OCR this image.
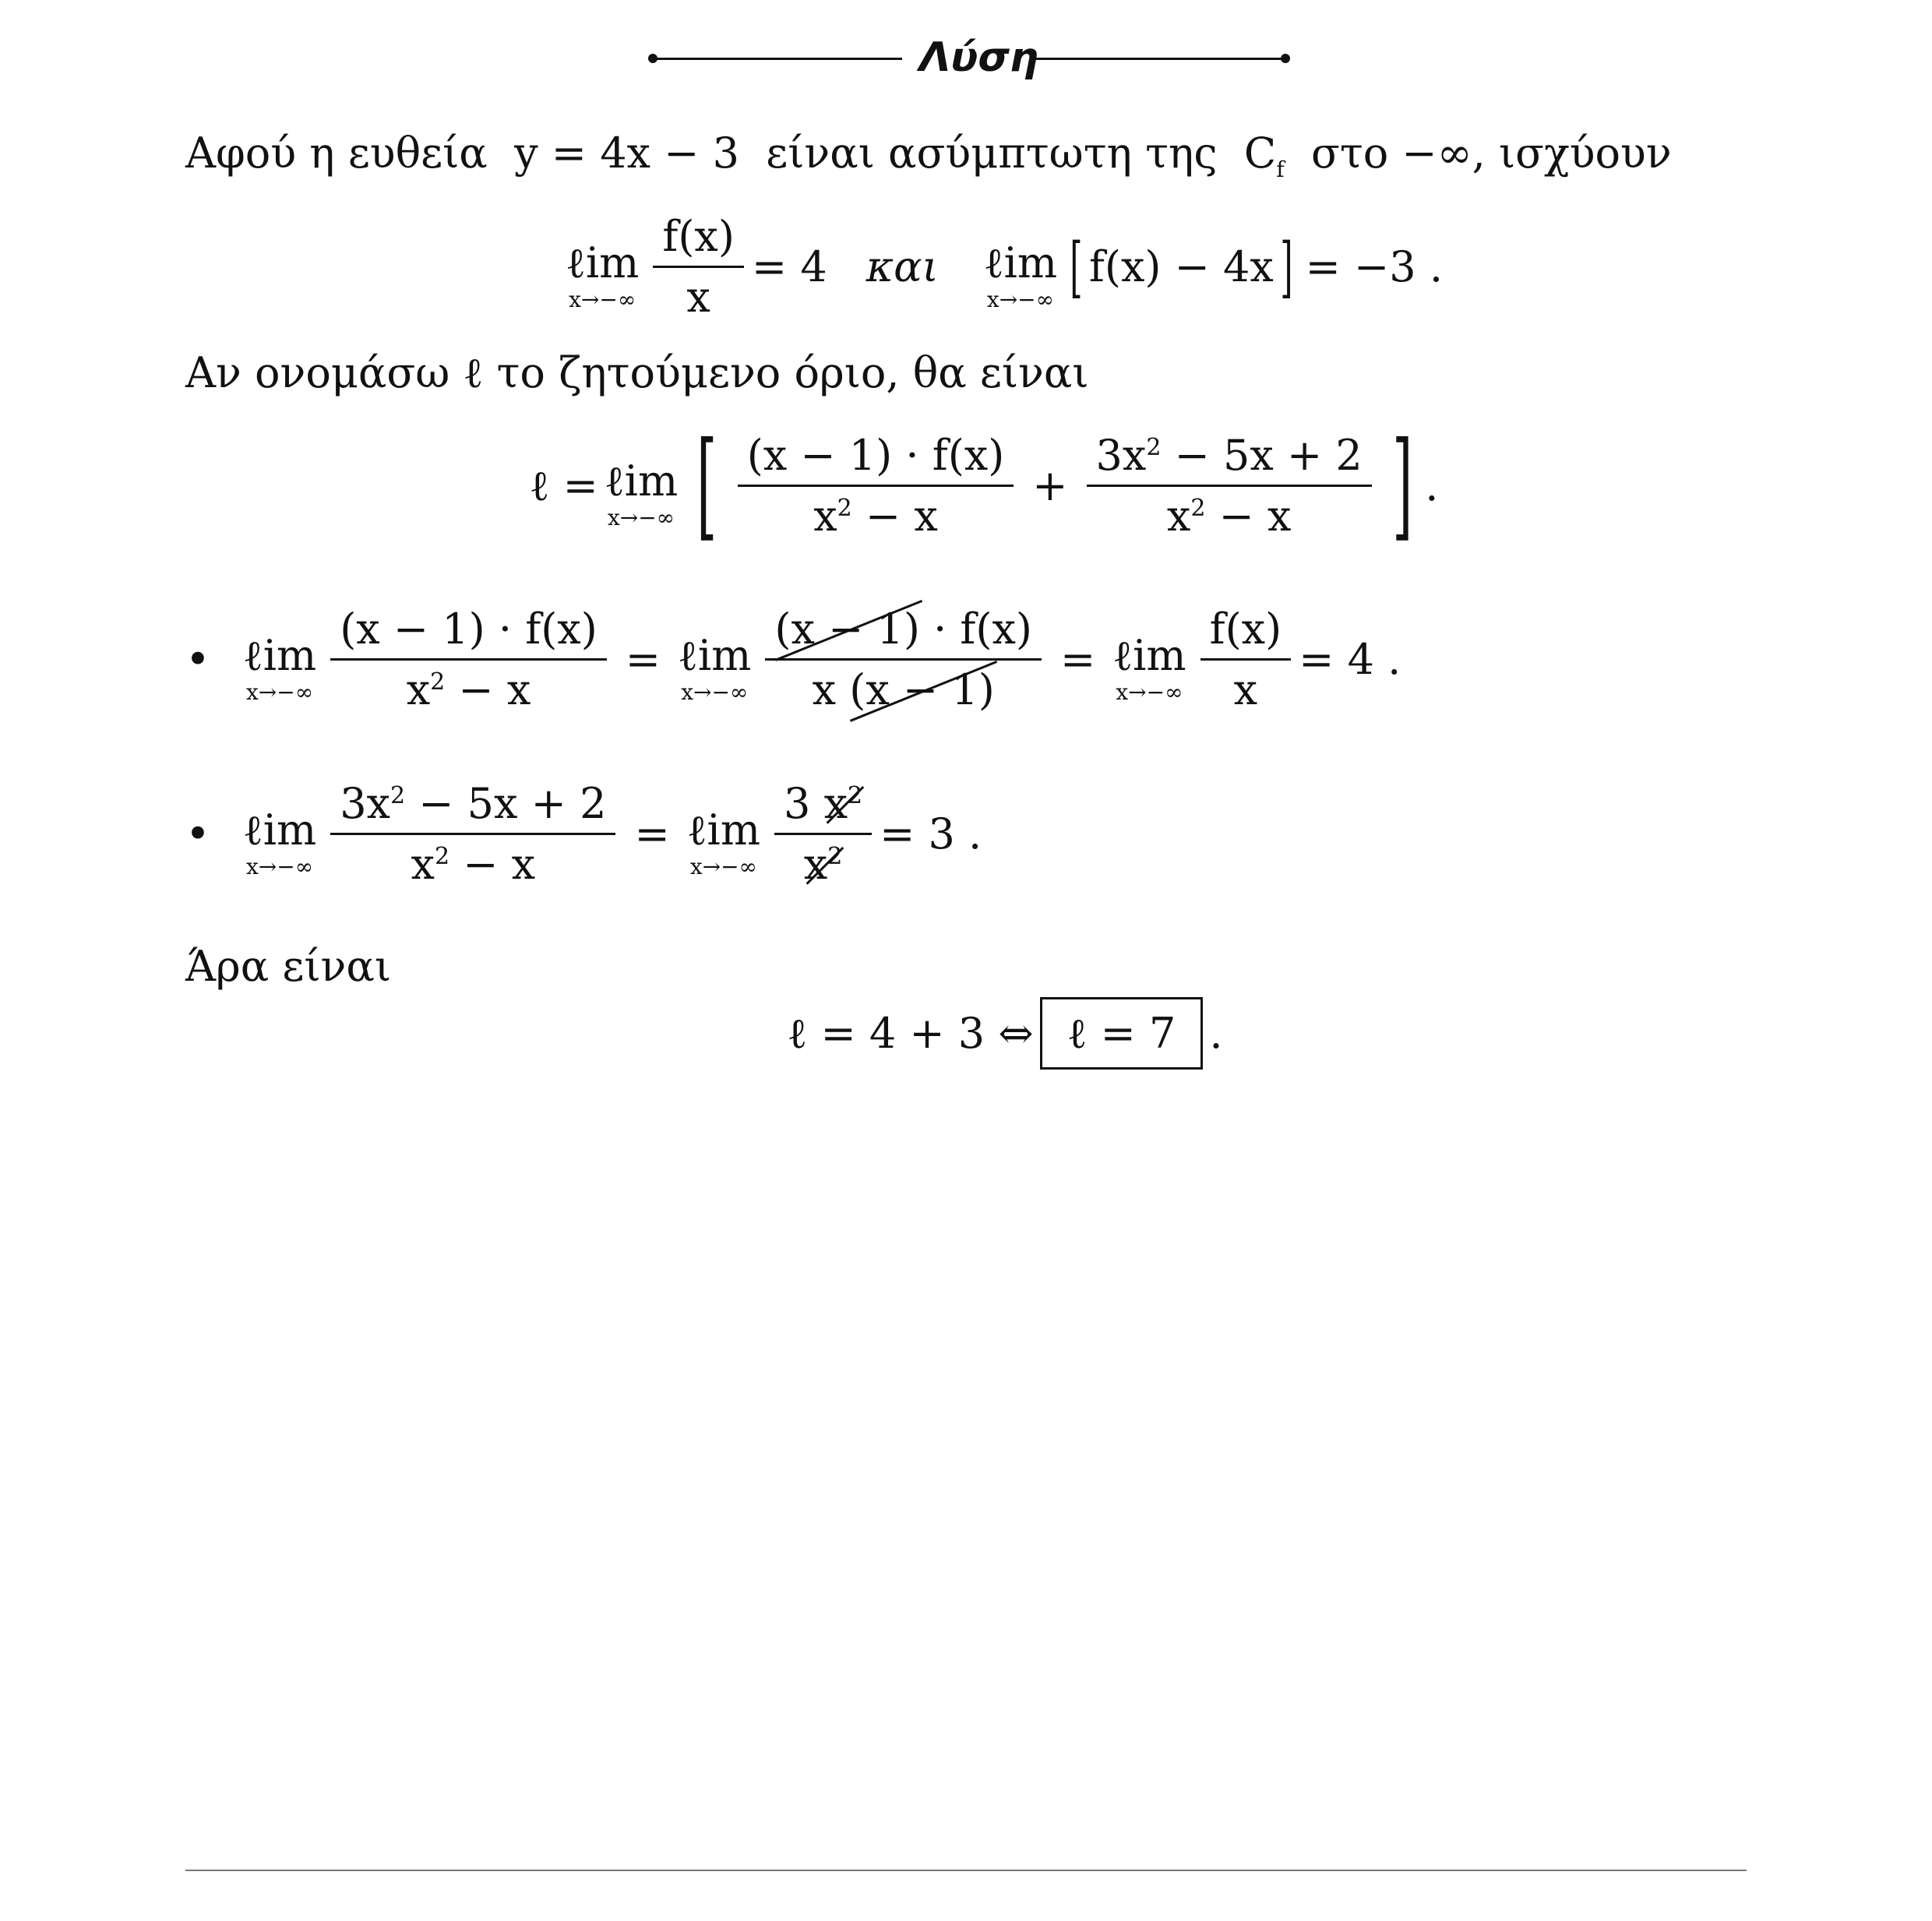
Λύση
Αφού η ευθεία y = 4x − 3 είναι ασύμπτωτη της $C_f$ στο −∞, ισχύουν
ℓim
$x\to-\infty \frac{f(x)}{x} = 4$ και ℓim
x→−∞ [ f(x) − 4x ] = −3 .
Αν ονομάσω ℓ το ζητούμενο όριο, θα είναι
ℓ = ℓim
x→−∞ [ $\frac{(x - 1) \cdot f(x)}{x^2 - x} + \frac{3x^2 - 5x + 2}{x^2 - x}$ ] .
• ℓim
$x\to-\infty \frac{(x - 1) \cdot f(x)}{x^2 - x}$ = ℓim
$x\to-\infty \frac{(x - 1) \cdot f(x)}{x (x - 1)}$ = ℓim
$x\to-\infty \frac{f(x)}{x} = 4$ .
• ℓim
$x\to-\infty \frac{3x^2 - 5x + 2}{x^2 - x}$ = ℓim
$x\to-\infty \frac{3 x^2}{x^2} = 3$ .
Άρα είναι
ℓ = 4 + 3 ⇔ ℓ = 7 .
